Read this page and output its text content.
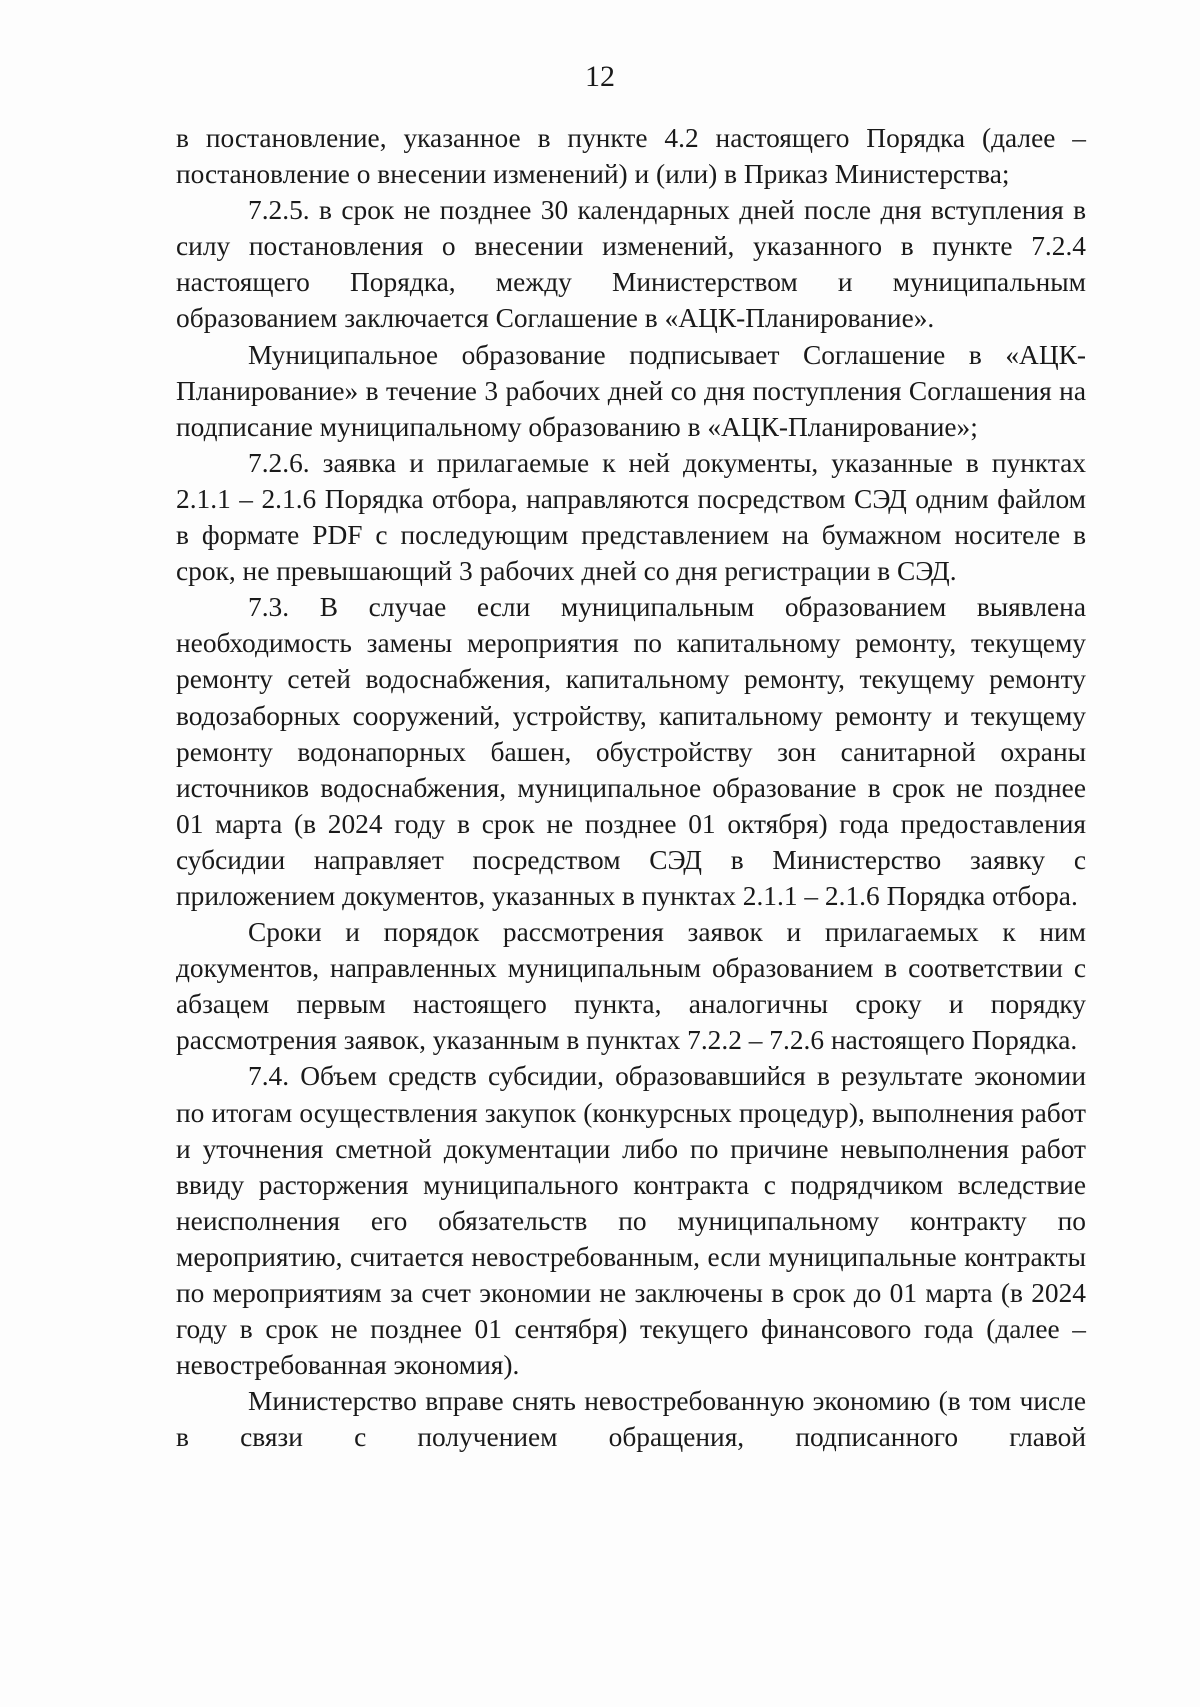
12

в постановление, указанное в пункте 4.2 настоящего Порядка (далее – постановление о внесении изменений) и (или) в Приказ Министерства;

7.2.5. в срок не позднее 30 календарных дней после дня вступления в силу постановления о внесении изменений, указанного в пункте 7.2.4 настоящего Порядка, между Министерством и муниципальным образованием заключается Соглашение в «АЦК-Планирование».

Муниципальное образование подписывает Соглашение в «АЦК-Планирование» в течение 3 рабочих дней со дня поступления Соглашения на подписание муниципальному образованию в «АЦК-Планирование»;

7.2.6. заявка и прилагаемые к ней документы, указанные в пунктах 2.1.1 – 2.1.6 Порядка отбора, направляются посредством СЭД одним файлом в формате PDF с последующим представлением на бумажном носителе в срок, не превышающий 3 рабочих дней со дня регистрации в СЭД.

7.3. В случае если муниципальным образованием выявлена необходимость замены мероприятия по капитальному ремонту, текущему ремонту сетей водоснабжения, капитальному ремонту, текущему ремонту водозаборных сооружений, устройству, капитальному ремонту и текущему ремонту водонапорных башен, обустройству зон санитарной охраны источников водоснабжения, муниципальное образование в срок не позднее 01 марта (в 2024 году в срок не позднее 01 октября) года предоставления субсидии направляет посредством СЭД в Министерство заявку с приложением документов, указанных в пунктах 2.1.1 – 2.1.6 Порядка отбора.

Сроки и порядок рассмотрения заявок и прилагаемых к ним документов, направленных муниципальным образованием в соответствии с абзацем первым настоящего пункта, аналогичны сроку и порядку рассмотрения заявок, указанным в пунктах 7.2.2 – 7.2.6 настоящего Порядка.

7.4. Объем средств субсидии, образовавшийся в результате экономии по итогам осуществления закупок (конкурсных процедур), выполнения работ и уточнения сметной документации либо по причине невыполнения работ ввиду расторжения муниципального контракта с подрядчиком вследствие неисполнения его обязательств по муниципальному контракту по мероприятию, считается невостребованным, если муниципальные контракты по мероприятиям за счет экономии не заключены в срок до 01 марта (в 2024 году в срок не позднее 01 сентября) текущего финансового года (далее – невостребованная экономия).

Министерство вправе снять невостребованную экономию (в том числе в связи с получением обращения, подписанного главой
